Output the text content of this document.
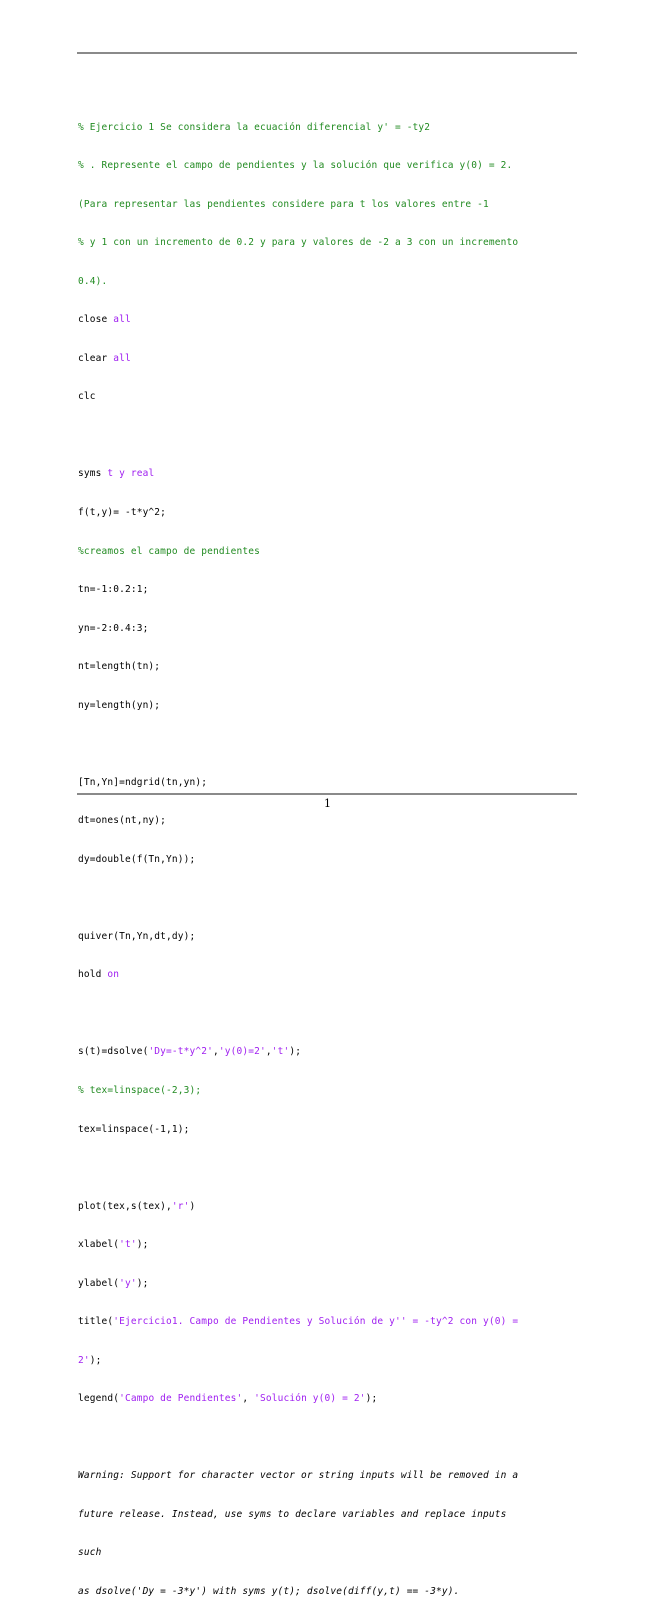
% Ejercicio 1 Se considera la ecuación diferencial y' = -ty2

% . Represente el campo de pendientes y la solución que verifica y(0) = 2.

(Para representar las pendientes considere para t los valores entre -1

% y 1 con un incremento de 0.2 y para y valores de -2 a 3 con un incremento

0.4).

close all

clear all

clc

syms t y real

f(t,y)= -t*y^2;

%creamos el campo de pendientes

tn=-1:0.2:1;

yn=-2:0.4:3;

nt=length(tn);

ny=length(yn);

[Tn,Yn]=ndgrid(tn,yn);

dt=ones(nt,ny);

dy=double(f(Tn,Yn));

quiver(Tn,Yn,dt,dy);

hold on

s(t)=dsolve('Dy=-t*y^2','y(0)=2','t');

% tex=linspace(-2,3);

tex=linspace(-1,1);

plot(tex,s(tex),'r')

xlabel('t');

ylabel('y');

title('Ejercicio1. Campo de Pendientes y Solución de y'' = -ty^2 con y(0) =

2');

legend('Campo de Pendientes', 'Solución y(0) = 2');

Warning: Support for character vector or string inputs will be removed in a

future release. Instead, use syms to declare variables and replace inputs

such

as dsolve('Dy = -3*y') with syms y(t); dsolve(diff(y,t) == -3*y).

1
